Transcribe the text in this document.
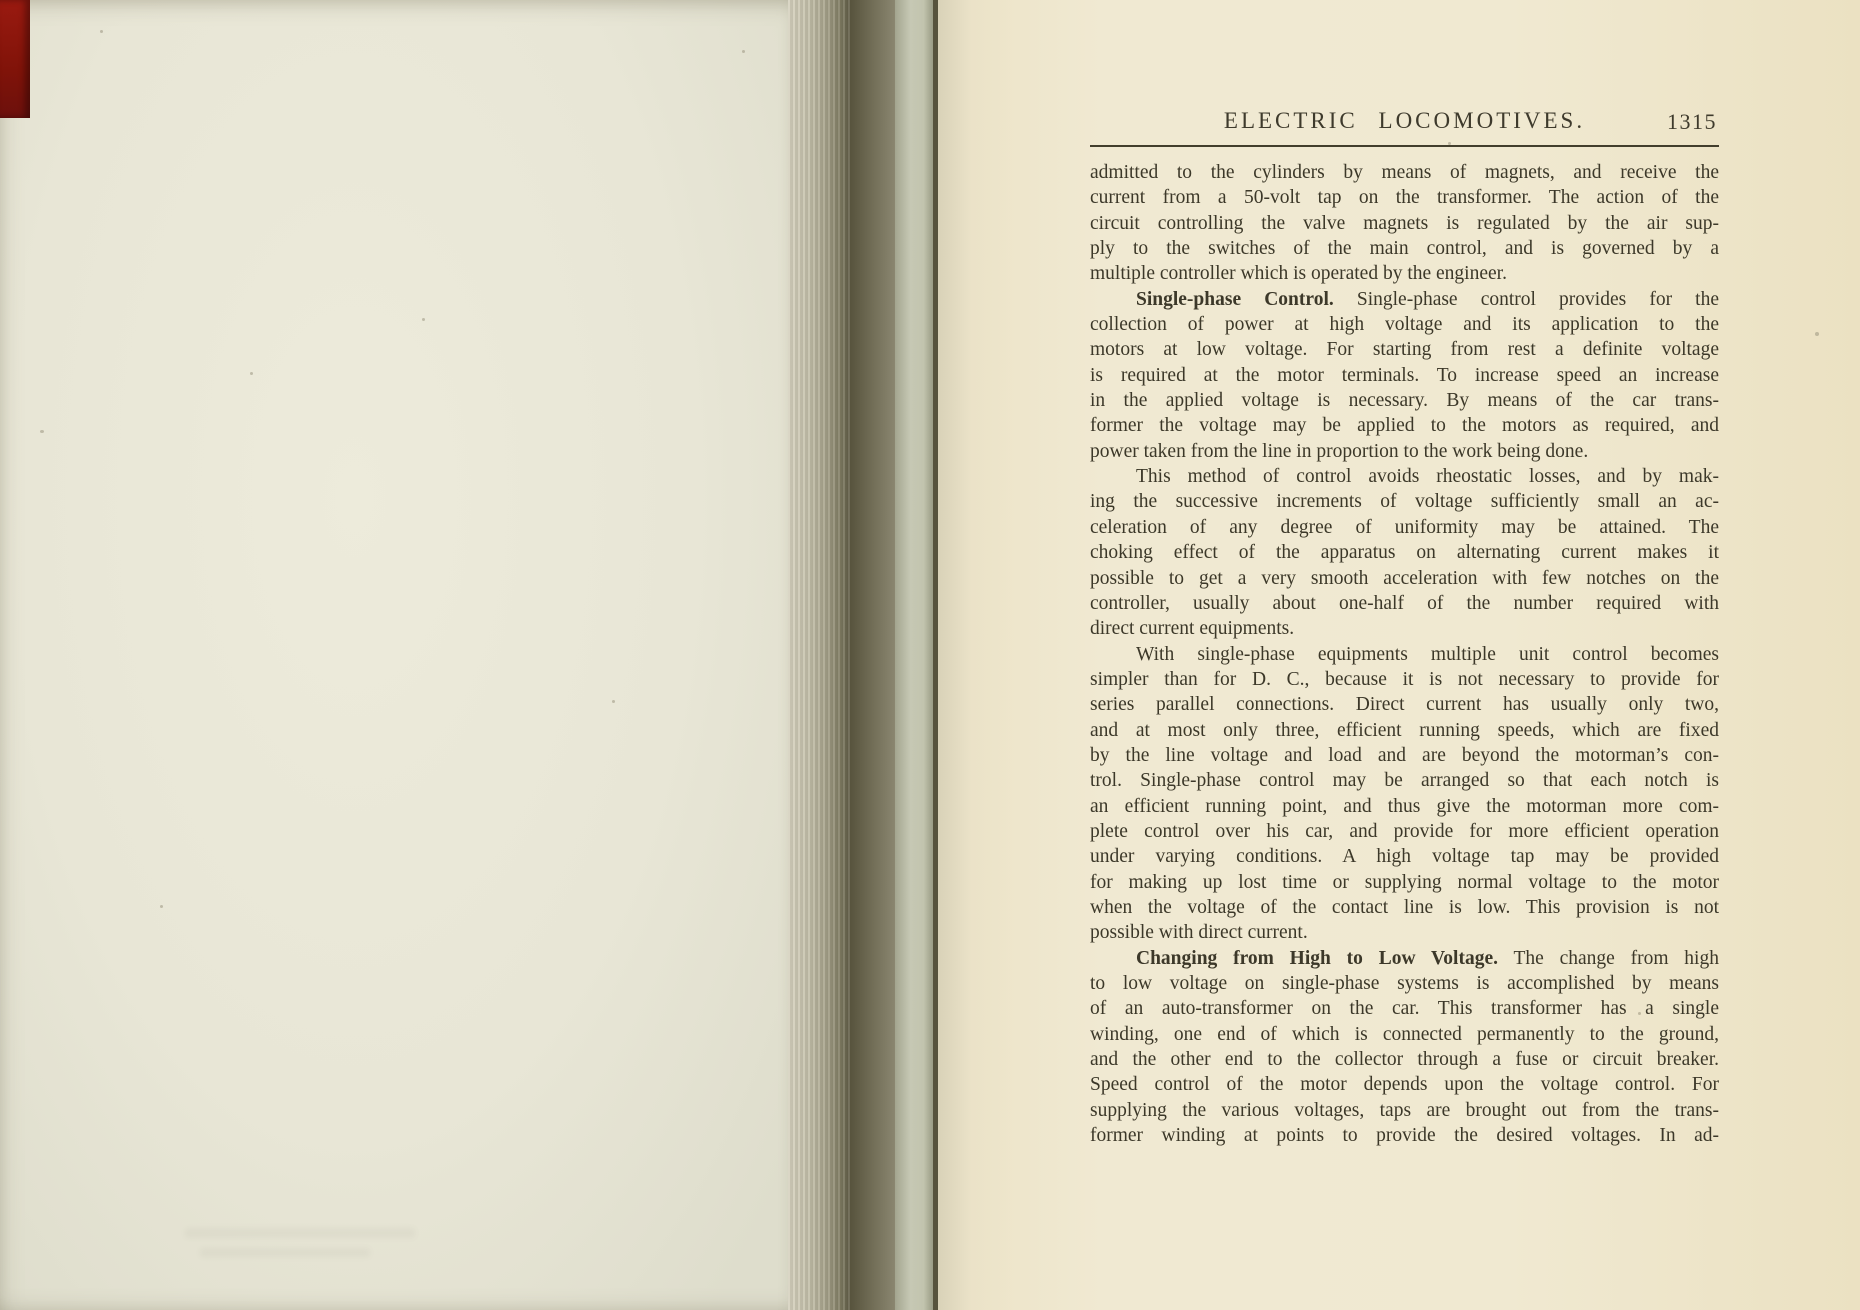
ELECTRIC LOCOMOTIVES.	1315
admitted to the cylinders by means of magnets, and receive the
current from a 50-volt tap on the transformer. The action of the
circuit controlling the valve magnets is regulated by the air sup-
ply to the switches of the main control, and is governed by a
multiple controller which is operated by the engineer.
Single-phase Control. Single-phase control provides for the
collection of power at high voltage and its application to the
motors at low voltage. For starting from rest a definite voltage
is required at the motor terminals. To increase speed an increase
in the applied voltage is necessary. By means of the car trans-
former the voltage may be applied to the motors as required, and
power taken from the line in proportion to the work being done.
This method of control avoids rheostatic losses, and by mak-
ing the successive increments of voltage sufficiently small an ac-
celeration of any degree of uniformity may be attained. The
choking effect of the apparatus on alternating current makes it
possible to get a very smooth acceleration with few notches on the
controller, usually about one-half of the number required with
direct current equipments.
With single-phase equipments multiple unit control becomes
simpler than for D. C., because it is not necessary to provide for
series parallel connections. Direct current has usually only two,
and at most only three, efficient running speeds, which are fixed
by the line voltage and load and are beyond the motorman’s con-
trol. Single-phase control may be arranged so that each notch is
an efficient running point, and thus give the motorman more com-
plete control over his car, and provide for more efficient operation
under varying conditions. A high voltage tap may be provided
for making up lost time or supplying normal voltage to the motor
when the voltage of the contact line is low. This provision is not
possible with direct current.
Changing from High to Low Voltage. The change from high
to low voltage on single-phase systems is accomplished by means
of an auto-transformer on the car. This transformer has a single
winding, one end of which is connected permanently to the ground,
and the other end to the collector through a fuse or circuit breaker.
Speed control of the motor depends upon the voltage control. For
supplying the various voltages, taps are brought out from the trans-
former winding at points to provide the desired voltages. In ad-
